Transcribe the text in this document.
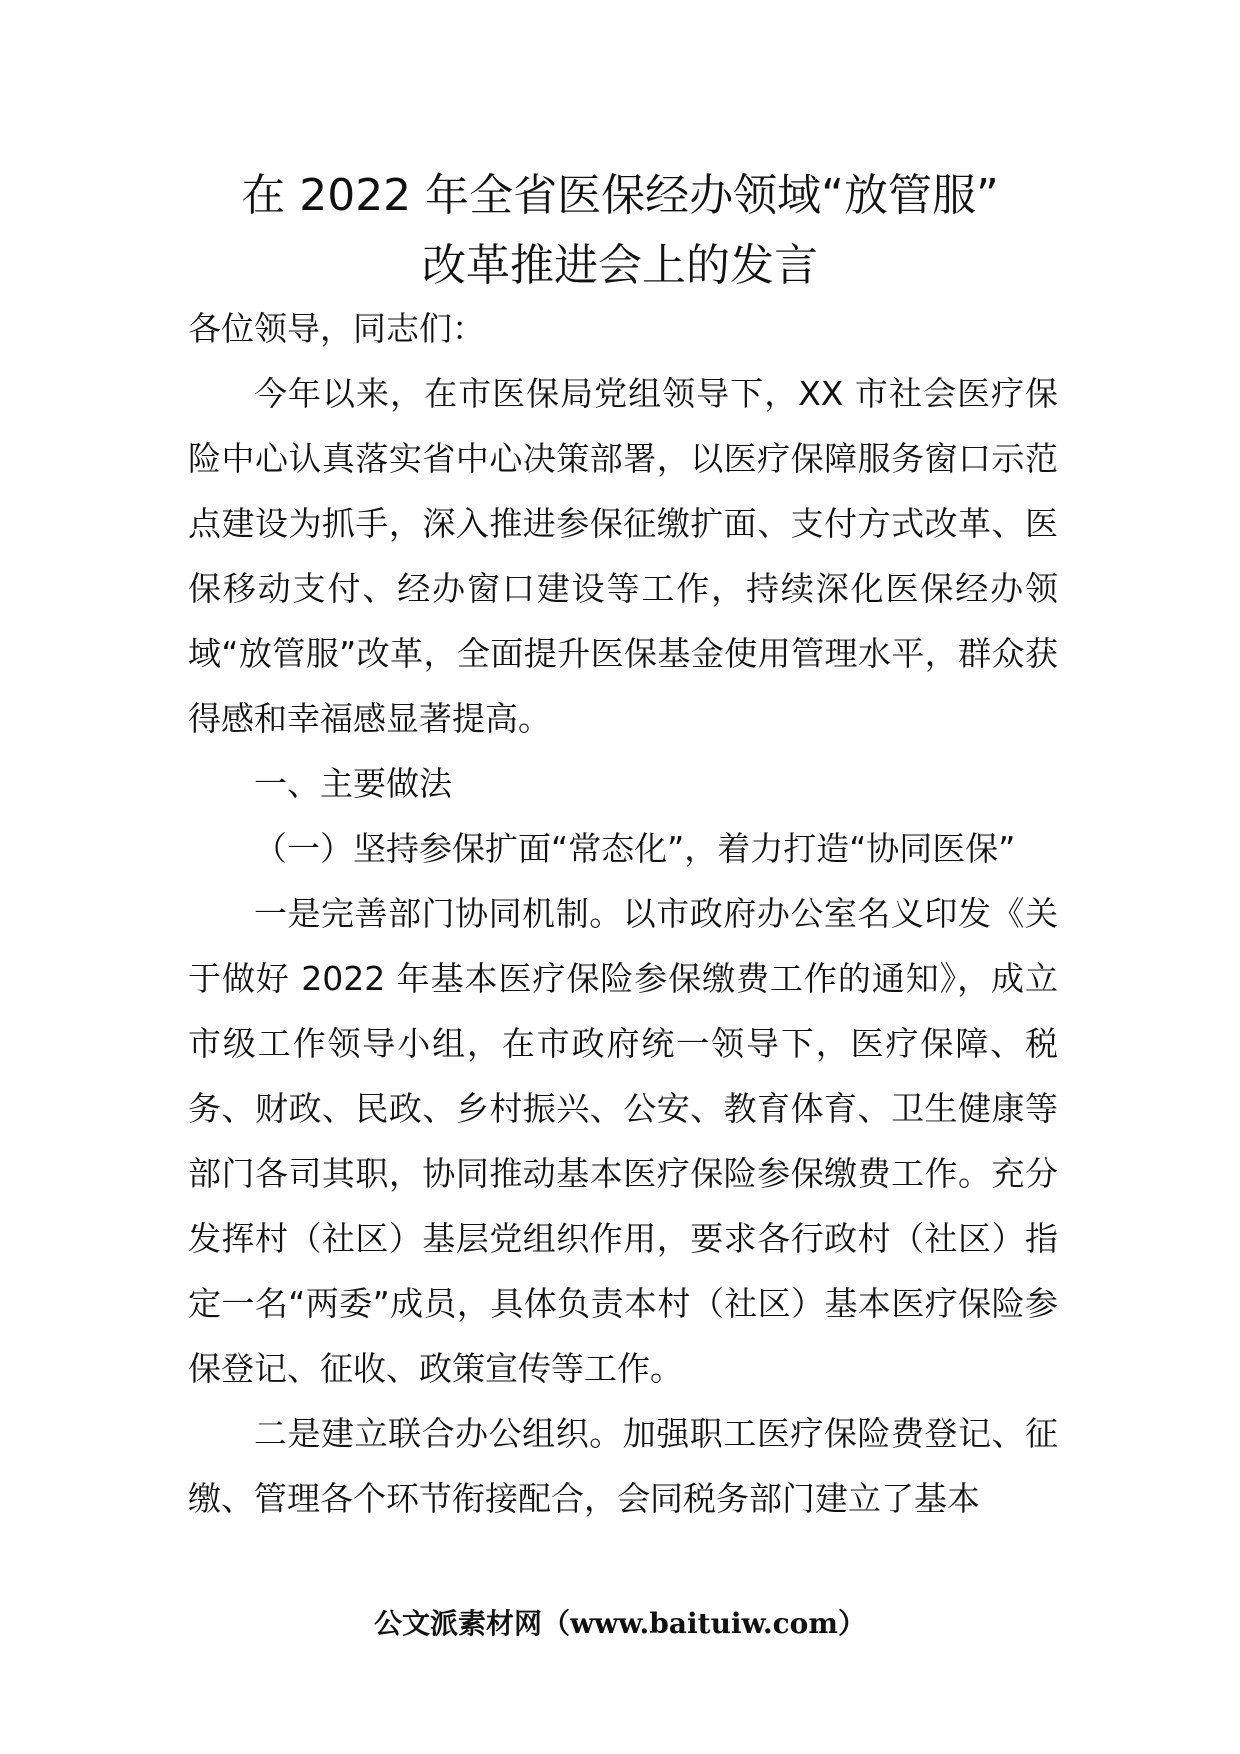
在 2022 年全省医保经办领域“放管服”
改革推进会上的发言

各位领导，同志们：

今年以来，在市医保局党组领导下，XX 市社会医疗保险中心认真落实省中心决策部署，以医疗保障服务窗口示范点建设为抓手，深入推进参保征缴扩面、支付方式改革、医保移动支付、经办窗口建设等工作，持续深化医保经办领域“放管服”改革，全面提升医保基金使用管理水平，群众获得感和幸福感显著提高。

一、主要做法

（一）坚持参保扩面“常态化”，着力打造“协同医保”

一是完善部门协同机制。以市政府办公室名义印发《关于做好 2022 年基本医疗保险参保缴费工作的通知》，成立市级工作领导小组，在市政府统一领导下，医疗保障、税务、财政、民政、乡村振兴、公安、教育体育、卫生健康等部门各司其职，协同推动基本医疗保险参保缴费工作。充分发挥村（社区）基层党组织作用，要求各行政村（社区）指定一名“两委”成员，具体负责本村（社区）基本医疗保险参保登记、征收、政策宣传等工作。

二是建立联合办公组织。加强职工医疗保险费登记、征缴、管理各个环节衔接配合，会同税务部门建立了基本

公文派素材网（www.baituiw.com）
